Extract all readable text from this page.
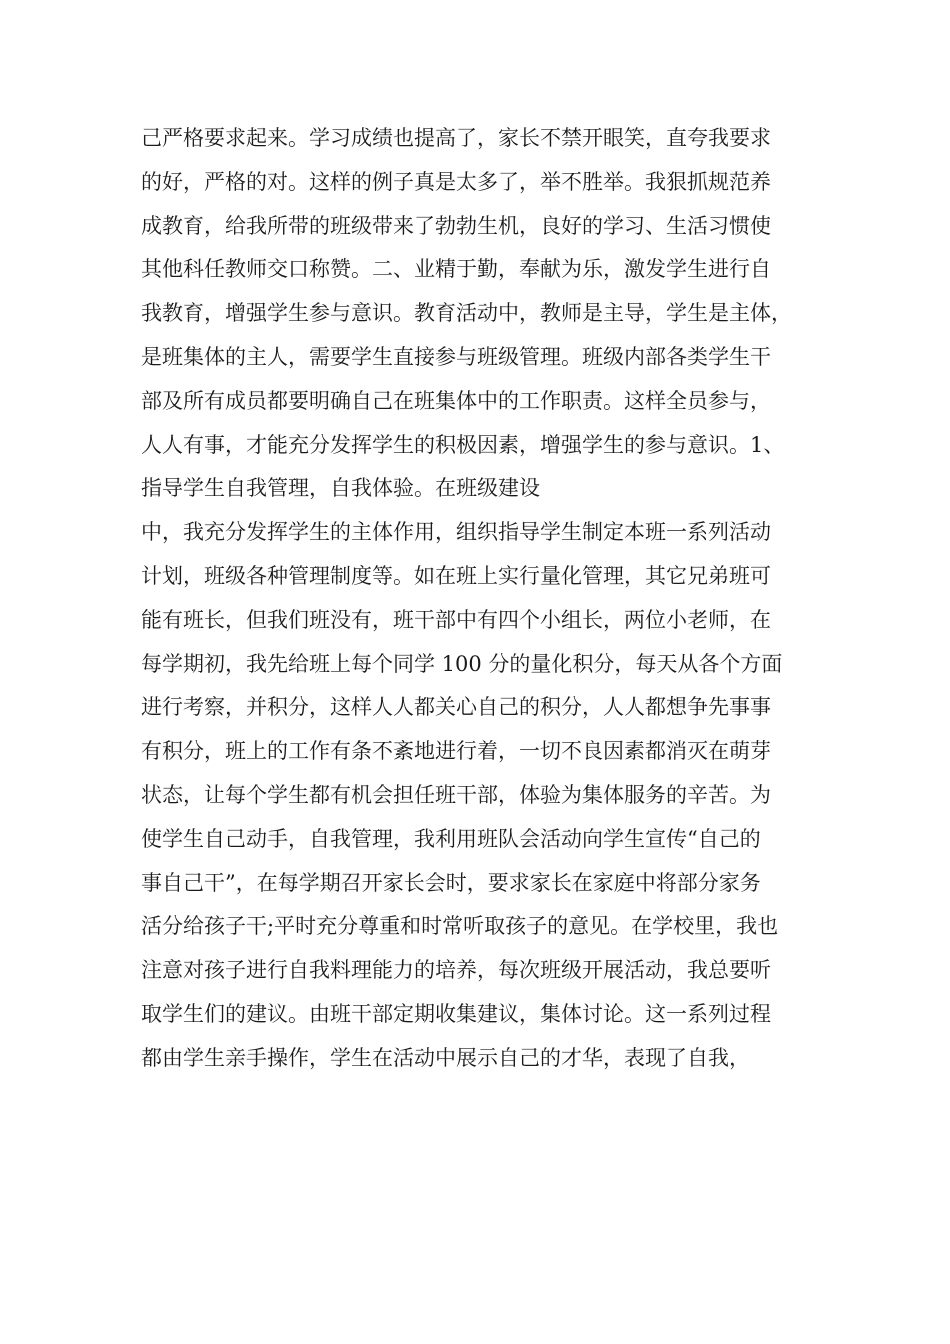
己严格要求起来。学习成绩也提高了，家长不禁开眼笑，直夸我要求
的好，严格的对。这样的例子真是太多了，举不胜举。我狠抓规范养
成教育，给我所带的班级带来了勃勃生机，良好的学习、生活习惯使
其他科任教师交口称赞。二、业精于勤，奉献为乐，激发学生进行自
我教育，增强学生参与意识。教育活动中，教师是主导，学生是主体，
是班集体的主人，需要学生直接参与班级管理。班级内部各类学生干
部及所有成员都要明确自己在班集体中的工作职责。这样全员参与，
人人有事，才能充分发挥学生的积极因素，增强学生的参与意识。1、
指导学生自我管理，自我体验。在班级建设
中，我充分发挥学生的主体作用，组织指导学生制定本班一系列活动
计划，班级各种管理制度等。如在班上实行量化管理，其它兄弟班可
能有班长，但我们班没有，班干部中有四个小组长，两位小老师，在
每学期初，我先给班上每个同学 100 分的量化积分，每天从各个方面
进行考察，并积分，这样人人都关心自己的积分，人人都想争先事事
有积分，班上的工作有条不紊地进行着，一切不良因素都消灭在萌芽
状态，让每个学生都有机会担任班干部，体验为集体服务的辛苦。为
使学生自己动手，自我管理，我利用班队会活动向学生宣传“自己的
事自己干”，在每学期召开家长会时，要求家长在家庭中将部分家务
活分给孩子干;平时充分尊重和时常听取孩子的意见。在学校里，我也
注意对孩子进行自我料理能力的培养，每次班级开展活动，我总要听
取学生们的建议。由班干部定期收集建议，集体讨论。这一系列过程
都由学生亲手操作，学生在活动中展示自己的才华，表现了自我，
